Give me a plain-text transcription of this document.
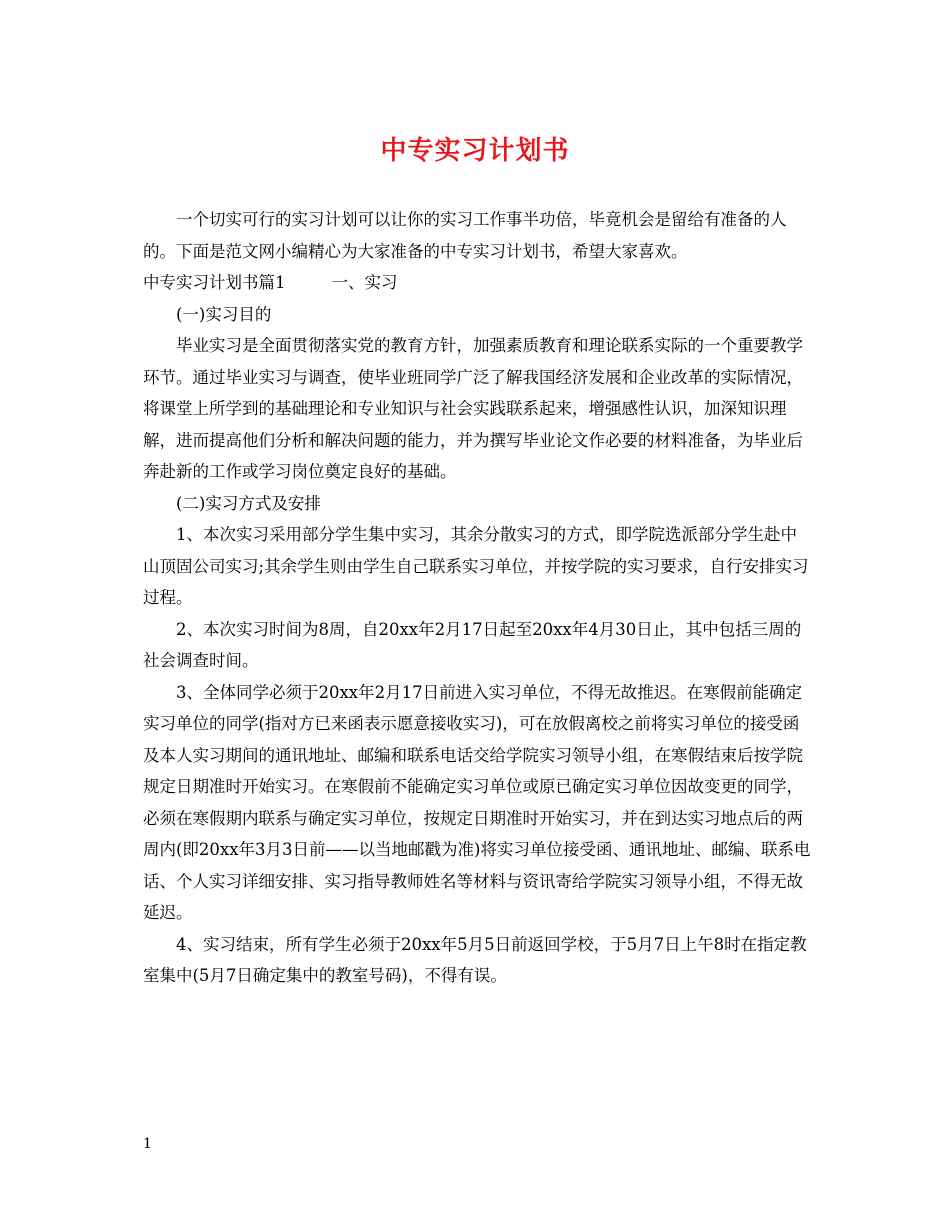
中专实习计划书

一个切实可行的实习计划可以让你的实习工作事半功倍，毕竟机会是留给有准备的人的。下面是范文网小编精心为大家准备的中专实习计划书，希望大家喜欢。

中专实习计划书篇1	一、实习

(一)实习目的

毕业实习是全面贯彻落实党的教育方针，加强素质教育和理论联系实际的一个重要教学环节。通过毕业实习与调查，使毕业班同学广泛了解我国经济发展和企业改革的实际情况，将课堂上所学到的基础理论和专业知识与社会实践联系起来，增强感性认识，加深知识理解，进而提高他们分析和解决问题的能力，并为撰写毕业论文作必要的材料准备，为毕业后奔赴新的工作或学习岗位奠定良好的基础。

(二)实习方式及安排

1、本次实习采用部分学生集中实习，其余分散实习的方式，即学院选派部分学生赴中山顶固公司实习;其余学生则由学生自己联系实习单位，并按学院的实习要求，自行安排实习过程。

2、本次实习时间为8周，自20xx年2月17日起至20xx年4月30日止，其中包括三周的社会调查时间。

3、全体同学必须于20xx年2月17日前进入实习单位，不得无故推迟。在寒假前能确定实习单位的同学(指对方已来函表示愿意接收实习)，可在放假离校之前将实习单位的接受函及本人实习期间的通讯地址、邮编和联系电话交给学院实习领导小组，在寒假结束后按学院规定日期准时开始实习。在寒假前不能确定实习单位或原已确定实习单位因故变更的同学，必须在寒假期内联系与确定实习单位，按规定日期准时开始实习，并在到达实习地点后的两周内(即20xx年3月3日前——以当地邮戳为准)将实习单位接受函、通讯地址、邮编、联系电话、个人实习详细安排、实习指导教师姓名等材料与资讯寄给学院实习领导小组，不得无故延迟。

4、实习结束，所有学生必须于20xx年5月5日前返回学校，于5月7日上午8时在指定教室集中(5月7日确定集中的教室号码)，不得有误。

1
